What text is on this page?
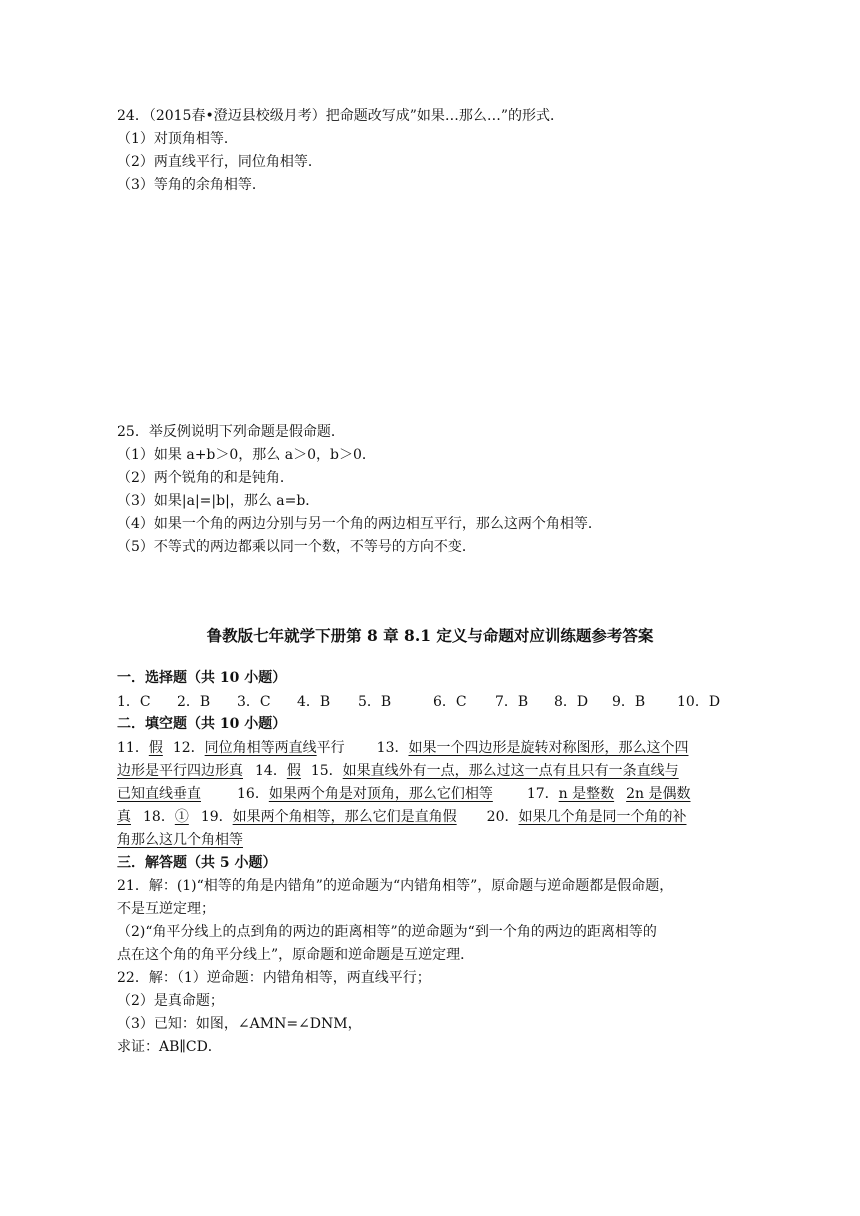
24．（2015春•澄迈县校级月考）把命题改写成”如果…那么…”的形式．
（1）对顶角相等．
（2）两直线平行，同位角相等．
（3）等角的余角相等．
25．举反例说明下列命题是假命题．
（1）如果 a+b＞0，那么 a＞0，b＞0．
（2）两个锐角的和是钝角．
（3）如果|a|=|b|，那么 a=b．
（4）如果一个角的两边分别与另一个角的两边相互平行，那么这两个角相等．
（5）不等式的两边都乘以同一个数，不等号的方向不变．
鲁教版七年就学下册第 8 章 8.1 定义与命题对应训练题参考答案
一．选择题（共 10 小题）
1．C 2．B 3．C 4．B 5．B	6．C 7．B 8．D 9．B 10．D
二．填空题（共 10 小题）
11．假 12．同位角相等两直线平行 13．如果一个四边形是旋转对称图形，那么这个四
边形是平行四边形真 14．假 15．如果直线外有一点，那么过这一点有且只有一条直线与
已知直线垂直	16．如果两个角是对顶角，那么它们相等 17．n 是整数 2n 是偶数
真 18．① 19．如果两个角相等，那么它们是直角假 20．如果几个角是同一个角的补
角那么这几个角相等
三．解答题（共 5 小题）
21．解：(1)“相等的角是内错角”的逆命题为“内错角相等”，原命题与逆命题都是假命题，
不是互逆定理；
（2)“角平分线上的点到角的两边的距离相等”的逆命题为“到一个角的两边的距离相等的
点在这个角的角平分线上”，原命题和逆命题是互逆定理．
22．解：（1）逆命题：内错角相等，两直线平行；
（2）是真命题；
（3）已知：如图，∠AMN=∠DNM，
求证：AB∥CD．
